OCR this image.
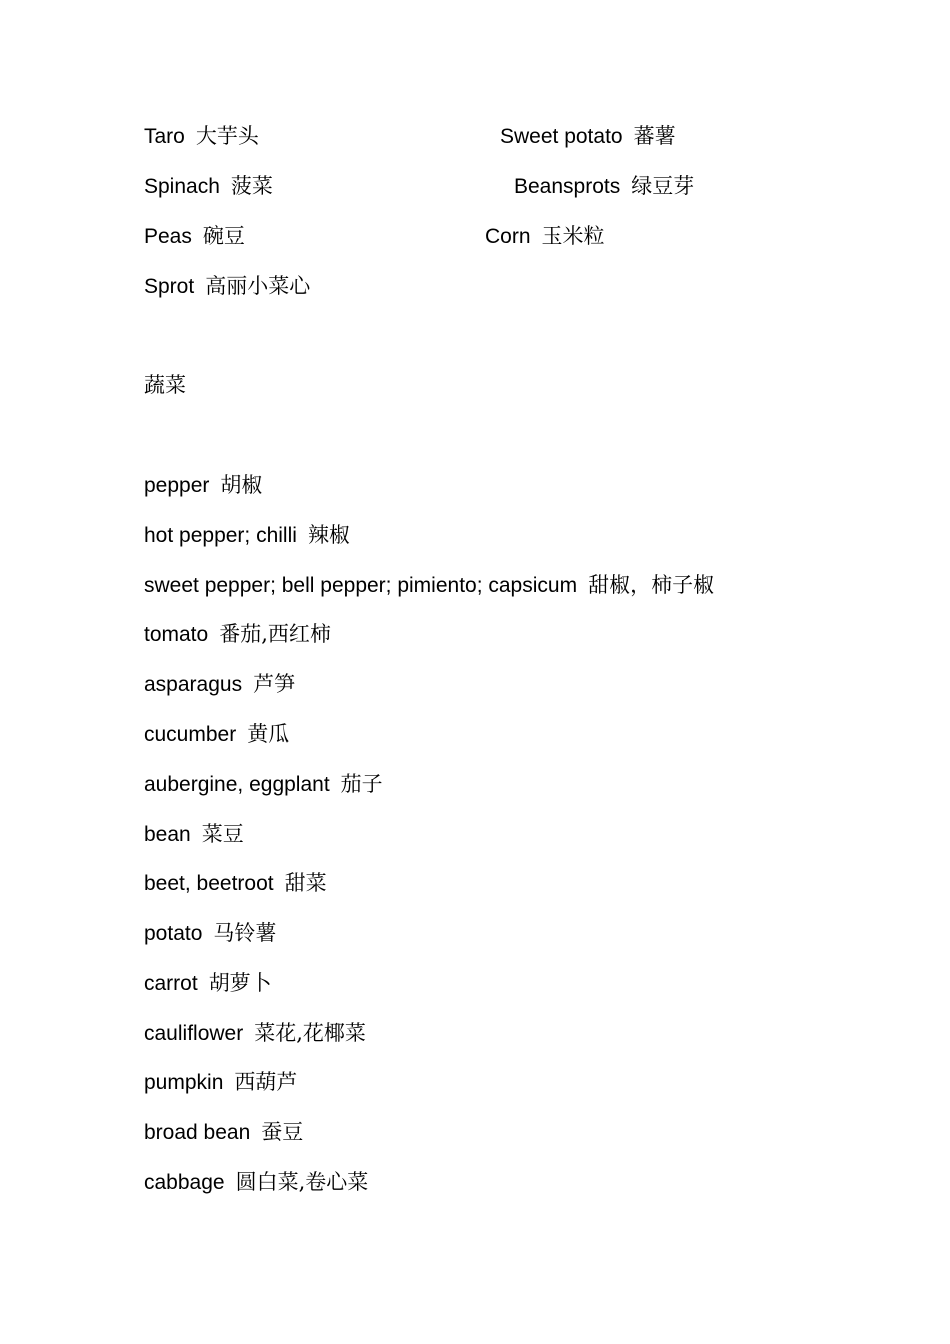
Taro 大芋头	Sweet potato 蕃薯
Spinach 菠菜	Beansprots 绿豆芽
Peas 碗豆	Corn 玉米粒
Sprot 高丽小菜心
蔬菜
pepper 胡椒
hot pepper; chilli 辣椒
sweet pepper; bell pepper; pimiento; capsicum 甜椒，柿子椒
tomato 番茄,西红柿
asparagus 芦笋
cucumber 黄瓜
aubergine, eggplant 茄子
bean 菜豆
beet, beetroot 甜菜
potato 马铃薯
carrot 胡萝卜
cauliflower 菜花,花椰菜
pumpkin 西葫芦
broad bean 蚕豆
cabbage 圆白菜,卷心菜
